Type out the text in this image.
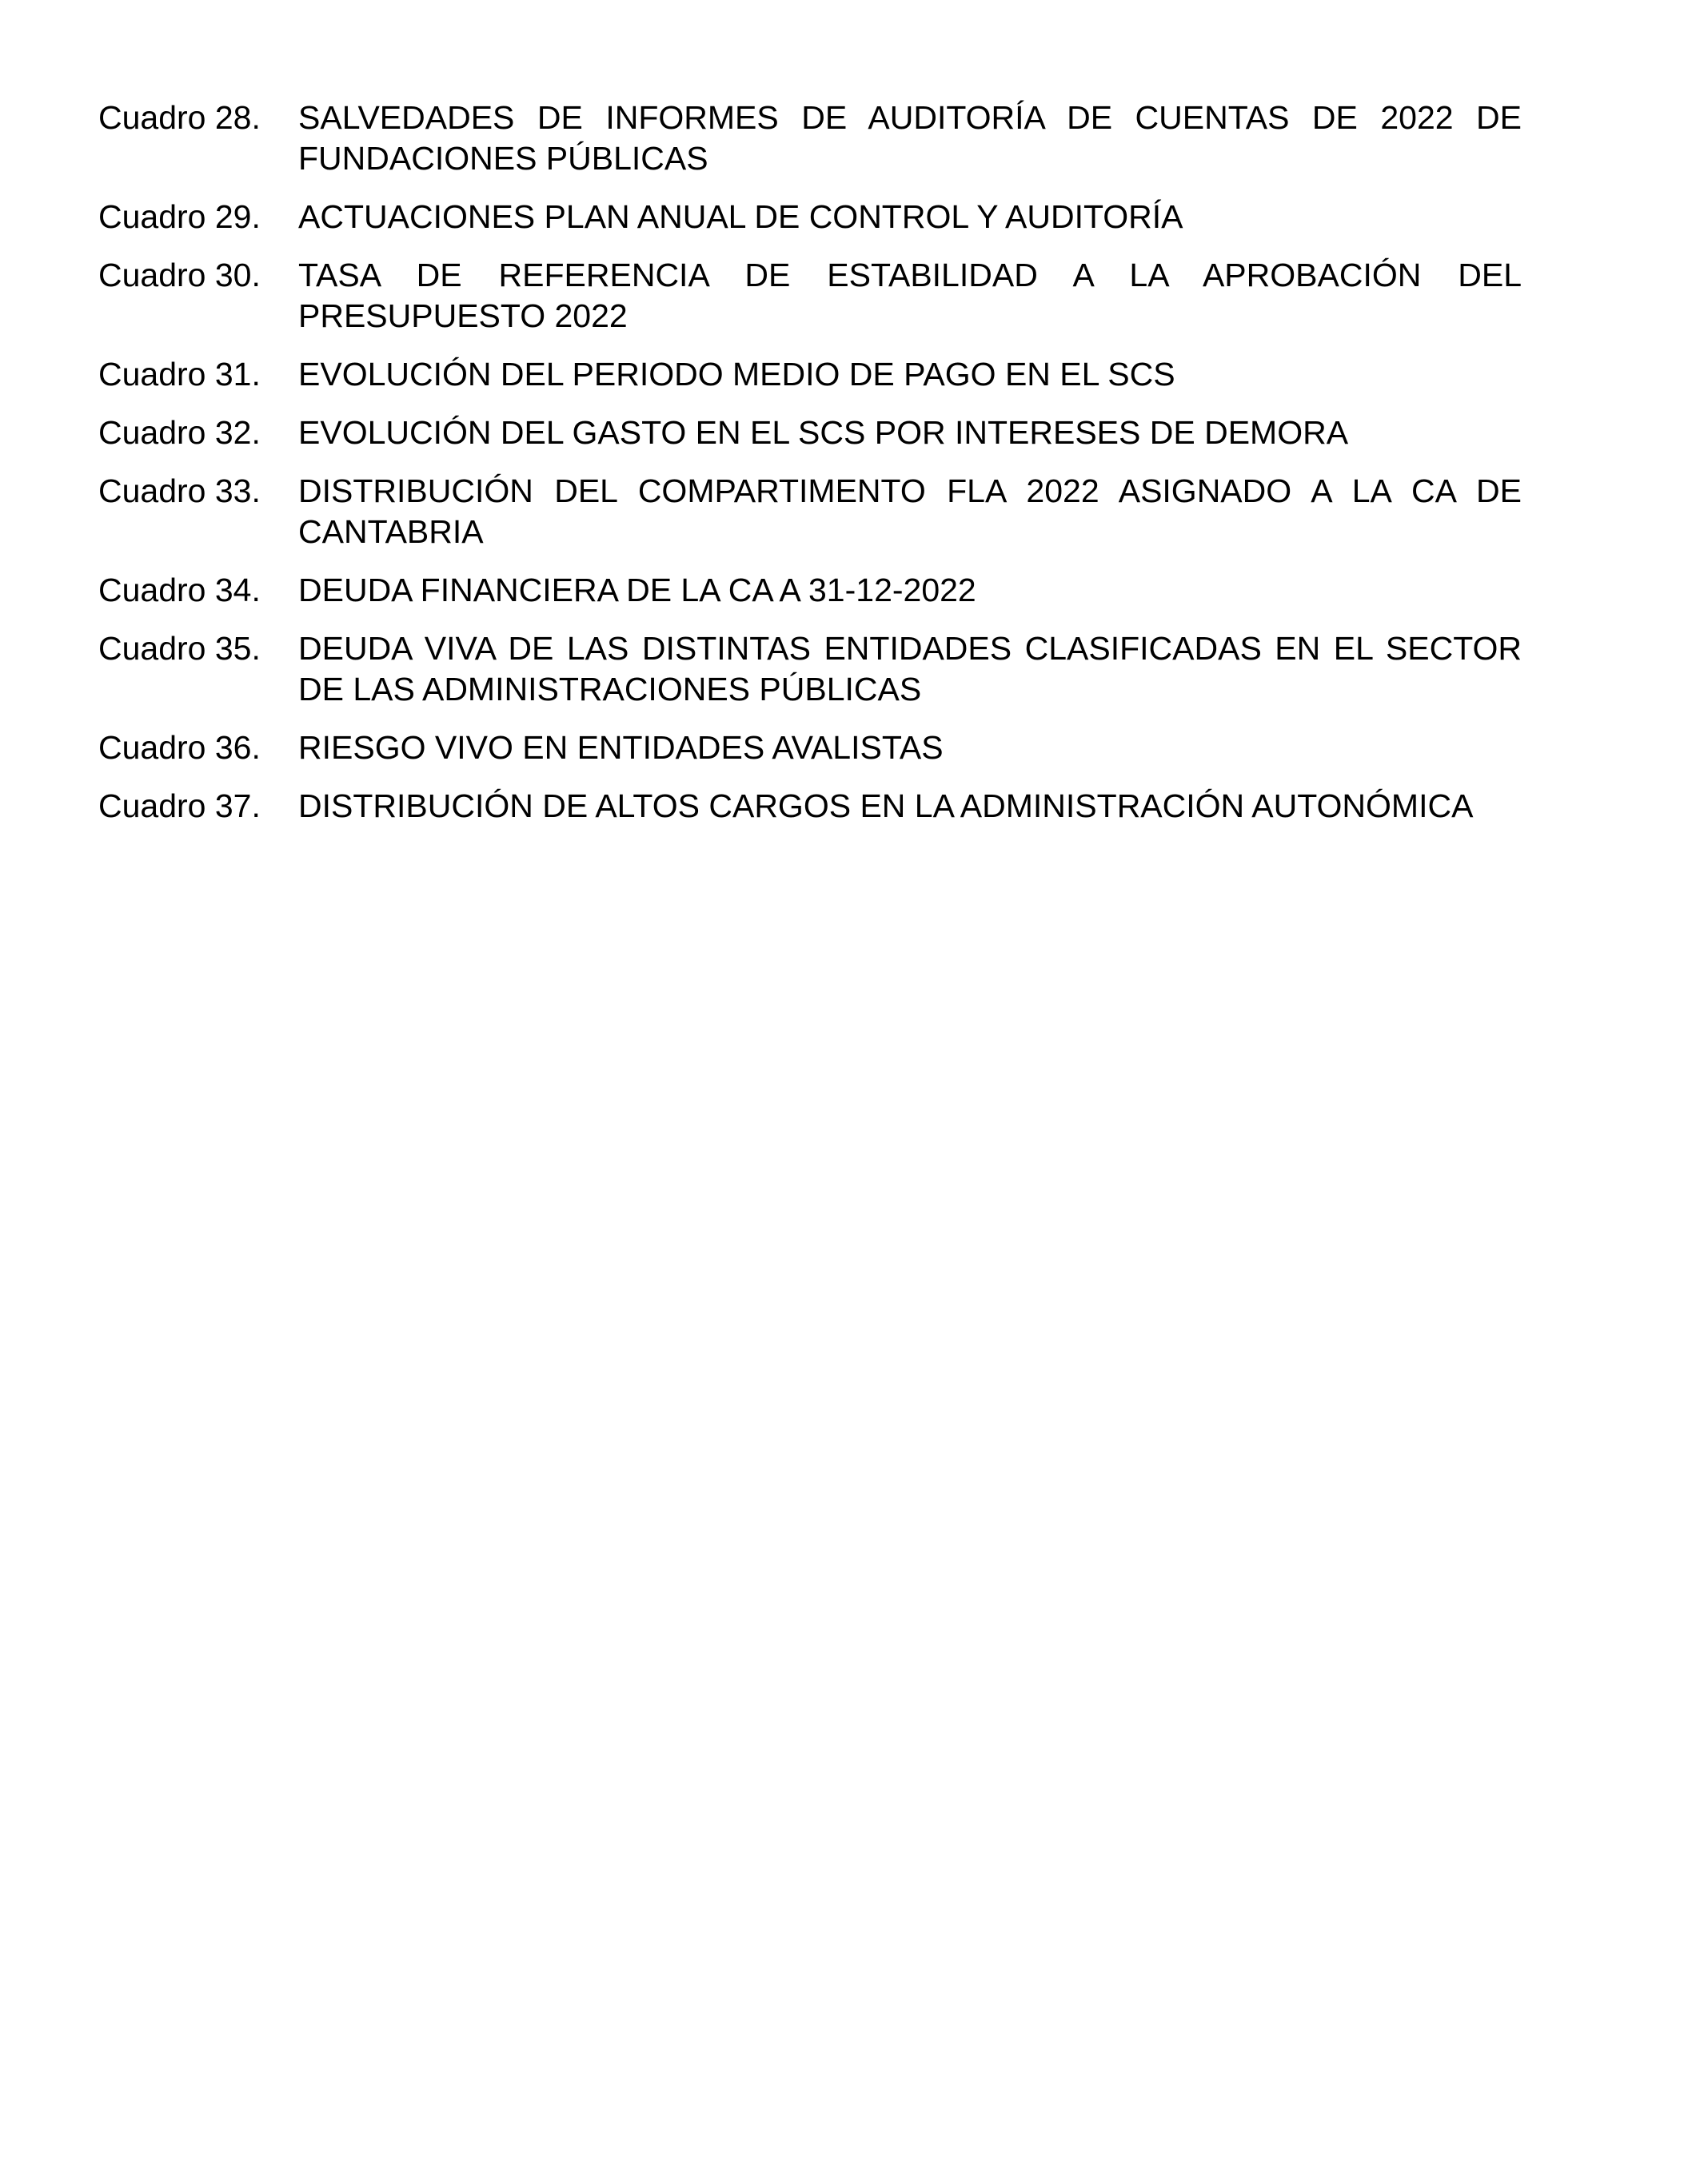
Cuadro 28.	SALVEDADES DE INFORMES DE AUDITORÍA DE CUENTAS DE 2022 DE FUNDACIONES PÚBLICAS
Cuadro 29.	ACTUACIONES PLAN ANUAL DE CONTROL Y AUDITORÍA
Cuadro 30.	TASA DE REFERENCIA DE ESTABILIDAD A LA APROBACIÓN DEL PRESUPUESTO 2022
Cuadro 31.	EVOLUCIÓN DEL PERIODO MEDIO DE PAGO EN EL SCS
Cuadro 32.	EVOLUCIÓN DEL GASTO EN EL SCS POR INTERESES DE DEMORA
Cuadro 33.	DISTRIBUCIÓN DEL COMPARTIMENTO FLA 2022 ASIGNADO A LA CA DE CANTABRIA
Cuadro 34.	DEUDA FINANCIERA DE LA CA A 31-12-2022
Cuadro 35.	DEUDA VIVA DE LAS DISTINTAS ENTIDADES CLASIFICADAS EN EL SECTOR DE LAS ADMINISTRACIONES PÚBLICAS
Cuadro 36.	RIESGO VIVO EN ENTIDADES AVALISTAS
Cuadro 37.	DISTRIBUCIÓN DE ALTOS CARGOS EN LA ADMINISTRACIÓN AUTONÓMICA
